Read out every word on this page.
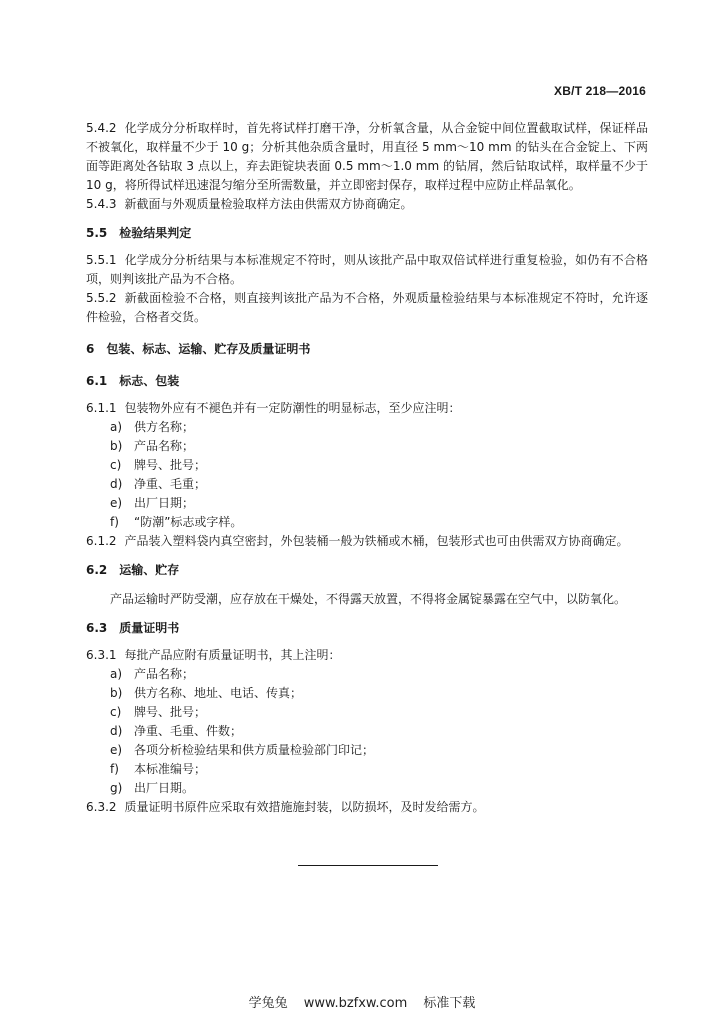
XB/T 218—2016

5.4.2 化学成分分析取样时，首先将试样打磨干净，分析氧含量，从合金锭中间位置截取试样，保证样品不被氧化，取样量不少于 10 g；分析其他杂质含量时，用直径 5 mm～10 mm 的钻头在合金锭上、下两面等距离处各钻取 3 点以上，弃去距锭块表面 0.5 mm～1.0 mm 的钻屑，然后钻取试样，取样量不少于 10 g，将所得试样迅速混匀缩分至所需数量，并立即密封保存，取样过程中应防止样品氧化。

5.4.3 新截面与外观质量检验取样方法由供需双方协商确定。

5.5 检验结果判定

5.5.1 化学成分分析结果与本标准规定不符时，则从该批产品中取双倍试样进行重复检验，如仍有不合格项，则判该批产品为不合格。

5.5.2 新截面检验不合格，则直接判该批产品为不合格，外观质量检验结果与本标准规定不符时，允许逐件检验，合格者交货。

6 包装、标志、运输、贮存及质量证明书

6.1 标志、包装

6.1.1 包装物外应有不褪色并有一定防潮性的明显标志，至少应注明：

a) 供方名称；
b) 产品名称；
c) 牌号、批号；
d) 净重、毛重；
e) 出厂日期；
f) “防潮”标志或字样。

6.1.2 产品装入塑料袋内真空密封，外包装桶一般为铁桶或木桶，包装形式也可由供需双方协商确定。

6.2 运输、贮存

产品运输时严防受潮，应存放在干燥处，不得露天放置，不得将金属锭暴露在空气中，以防氧化。

6.3 质量证明书

6.3.1 每批产品应附有质量证明书，其上注明：

a) 产品名称；
b) 供方名称、地址、电话、传真；
c) 牌号、批号；
d) 净重、毛重、件数；
e) 各项分析检验结果和供方质量检验部门印记；
f) 本标准编号；
g) 出厂日期。

6.3.2 质量证明书原件应采取有效措施施封装，以防损坏，及时发给需方。

学兔兔 www.bzfxw.com 标准下载
